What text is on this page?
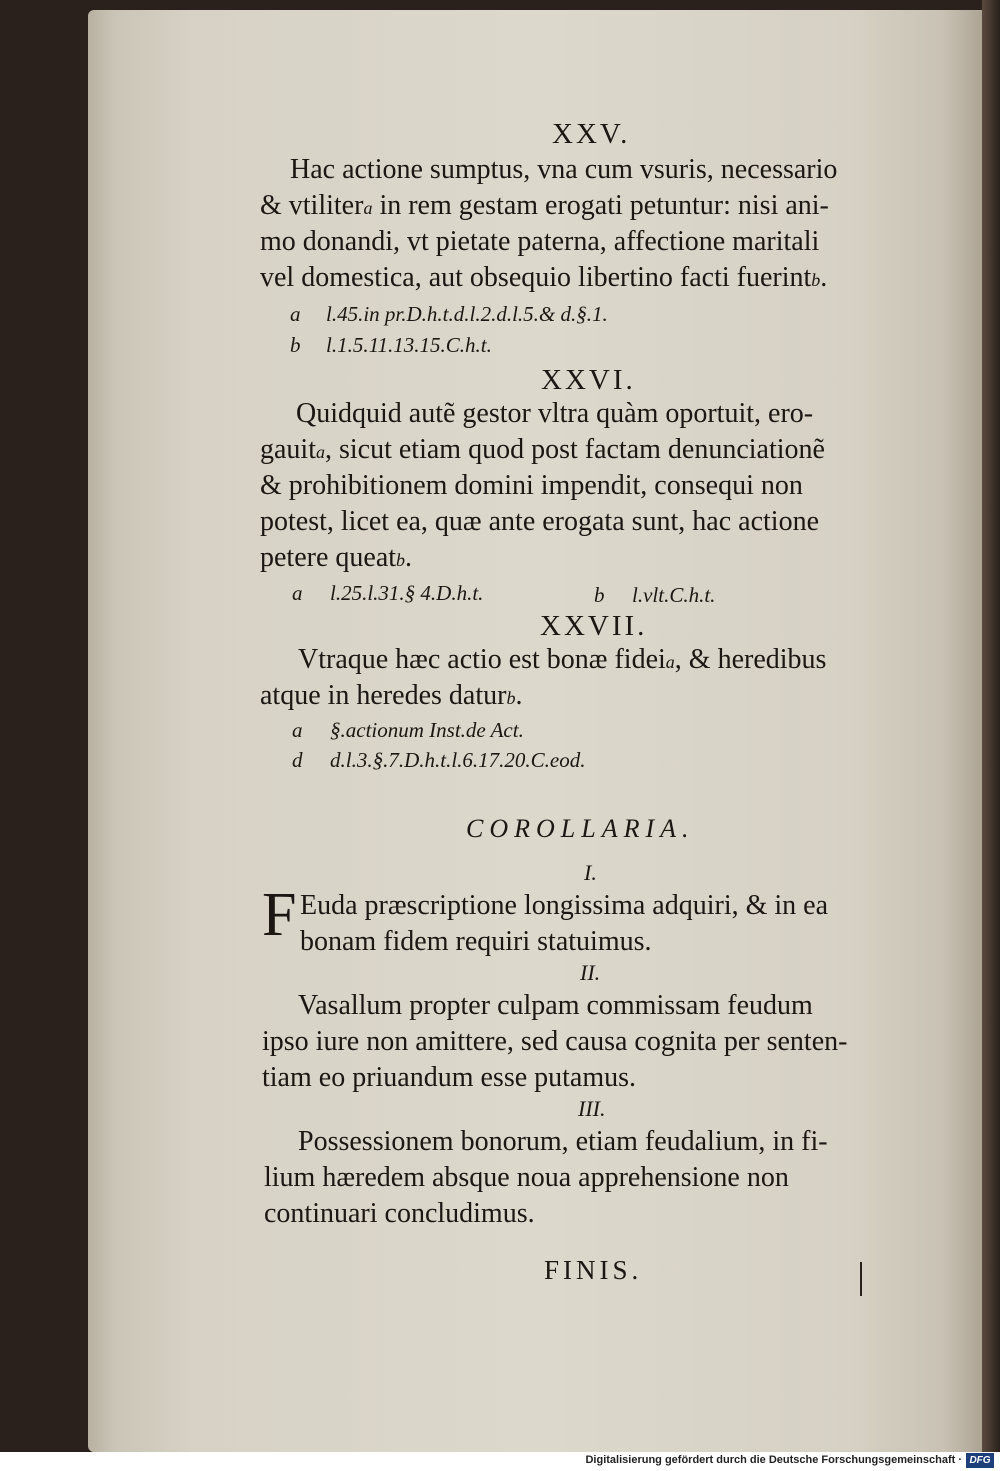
XXV.
Hac actione sumptus, vna cum vsuris, necessario
& vtilitera in rem gestam erogati petuntur: nisi ani-
mo donandi, vt pietate paterna, affectione maritali
vel domestica, aut obsequio libertino facti fuerintb.
a l.45.in pr.D.h.t.d.l.2.d.l.5.& d.§.1.
b l.1.5.11.13.15.C.h.t.
XXVI.
Quidquid autẽ gestor vltra quàm oportuit, ero-
gauita, sicut etiam quod post factam denunciationẽ
& prohibitionem domini impendit, consequi non
potest, licet ea, quæ ante erogata sunt, hac actione
petere queatb.
a l.25.l.31.§ 4.D.h.t.	b l.vlt.C.h.t.
XXVII.
Vtraque hæc actio est bonæ fideia, & heredibus
atque in heredes daturb.
a §.actionum Inst.de Act.
d d.l.3.§.7.D.h.t.l.6.17.20.C.eod.
COROLLARIA.
I.
F Euda præscriptione longissima adquiri, & in ea
bonam fidem requiri statuimus.
II.
Vasallum propter culpam commissam feudum
ipso iure non amittere, sed causa cognita per senten-
tiam eo priuandum esse putamus.
III.
Possessionem bonorum, etiam feudalium, in fi-
lium hæredem absque noua apprehensione non
continuari concludimus.
FINIS.
Digitalisierung gefördert durch die Deutsche Forschungsgemeinschaft · DFG
